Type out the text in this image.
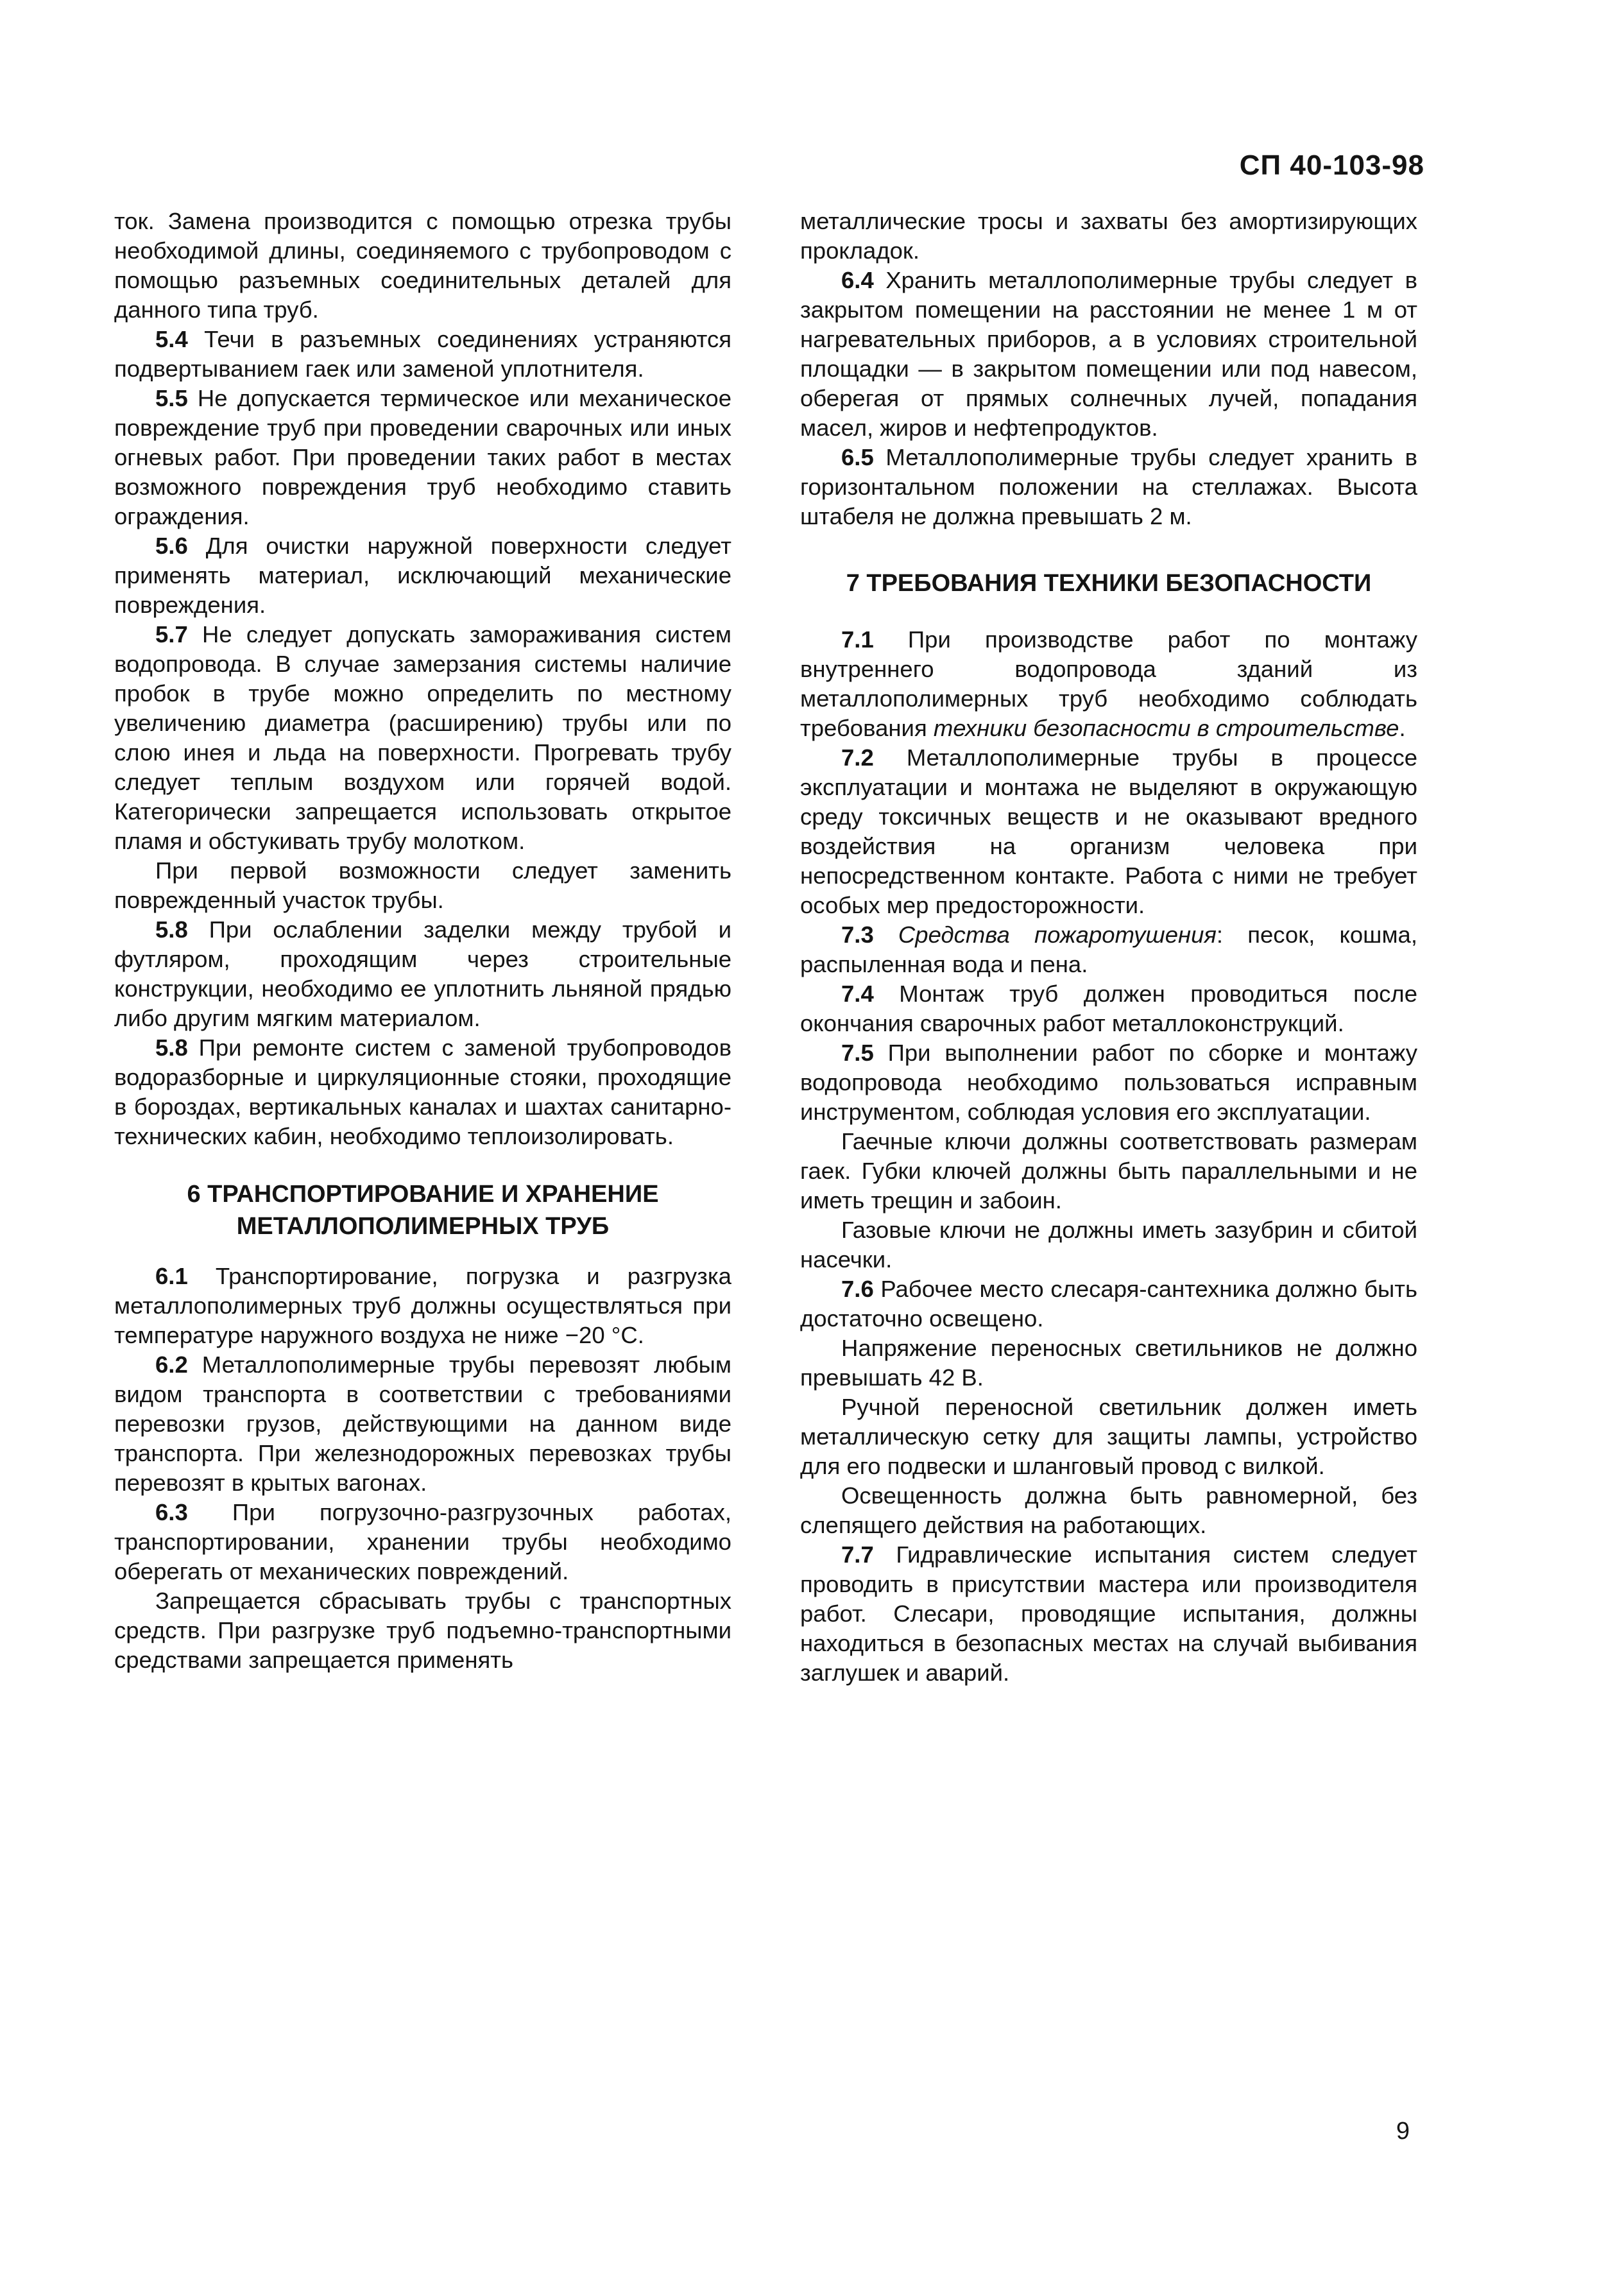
СП 40-103-98

ток. Замена производится с помощью отрезка трубы необходимой длины, соединяемого с трубопроводом с помощью разъемных соединительных деталей для данного типа труб.

5.4 Течи в разъемных соединениях устраняются подвертыванием гаек или заменой уплотнителя.

5.5 Не допускается термическое или механическое повреждение труб при проведении сварочных или иных огневых работ. При проведении таких работ в местах возможного повреждения труб необходимо ставить ограждения.

5.6 Для очистки наружной поверхности следует применять материал, исключающий механические повреждения.

5.7 Не следует допускать замораживания систем водопровода. В случае замерзания системы наличие пробок в трубе можно определить по местному увеличению диаметра (расширению) трубы или по слою инея и льда на поверхности. Прогревать трубу следует теплым воздухом или горячей водой. Категорически запрещается использовать открытое пламя и обстукивать трубу молотком.

При первой возможности следует заменить поврежденный участок трубы.

5.8 При ослаблении заделки между трубой и футляром, проходящим через строительные конструкции, необходимо ее уплотнить льняной прядью либо другим мягким материалом.

5.8 При ремонте систем с заменой трубопроводов водоразборные и циркуляционные стояки, проходящие в бороздах, вертикальных каналах и шахтах санитарно-технических кабин, необходимо теплоизолировать.

6 ТРАНСПОРТИРОВАНИЕ И ХРАНЕНИЕ
МЕТАЛЛОПОЛИМЕРНЫХ ТРУБ

6.1 Транспортирование, погрузка и разгрузка металлополимерных труб должны осуществляться при температуре наружного воздуха не ниже −20 °С.

6.2 Металлополимерные трубы перевозят любым видом транспорта в соответствии с требованиями перевозки грузов, действующими на данном виде транспорта. При железнодорожных перевозках трубы перевозят в крытых вагонах.

6.3 При погрузочно-разгрузочных работах, транспортировании, хранении трубы необходимо оберегать от механических повреждений.

Запрещается сбрасывать трубы с транспортных средств. При разгрузке труб подъемно-транспортными средствами запрещается применять

металлические тросы и захваты без амортизирующих прокладок.

6.4 Хранить металлополимерные трубы следует в закрытом помещении на расстоянии не менее 1 м от нагревательных приборов, а в условиях строительной площадки — в закрытом помещении или под навесом, оберегая от прямых солнечных лучей, попадания масел, жиров и нефтепродуктов.

6.5 Металлополимерные трубы следует хранить в горизонтальном положении на стеллажах. Высота штабеля не должна превышать 2 м.

7 ТРЕБОВАНИЯ ТЕХНИКИ БЕЗОПАСНОСТИ

7.1 При производстве работ по монтажу внутреннего водопровода зданий из металлополимерных труб необходимо соблюдать требования техники безопасности в строительстве.

7.2 Металлополимерные трубы в процессе эксплуатации и монтажа не выделяют в окружающую среду токсичных веществ и не оказывают вредного воздействия на организм человека при непосредственном контакте. Работа с ними не требует особых мер предосторожности.

7.3 Средства пожаротушения: песок, кошма, распыленная вода и пена.

7.4 Монтаж труб должен проводиться после окончания сварочных работ металлоконструкций.

7.5 При выполнении работ по сборке и монтажу водопровода необходимо пользоваться исправным инструментом, соблюдая условия его эксплуатации.

Гаечные ключи должны соответствовать размерам гаек. Губки ключей должны быть параллельными и не иметь трещин и забоин.

Газовые ключи не должны иметь зазубрин и сбитой насечки.

7.6 Рабочее место слесаря-сантехника должно быть достаточно освещено.

Напряжение переносных светильников не должно превышать 42 В.

Ручной переносной светильник должен иметь металлическую сетку для защиты лампы, устройство для его подвески и шланговый провод с вилкой.

Освещенность должна быть равномерной, без слепящего действия на работающих.

7.7 Гидравлические испытания систем следует проводить в присутствии мастера или производителя работ. Слесари, проводящие испытания, должны находиться в безопасных местах на случай выбивания заглушек и аварий.

9
